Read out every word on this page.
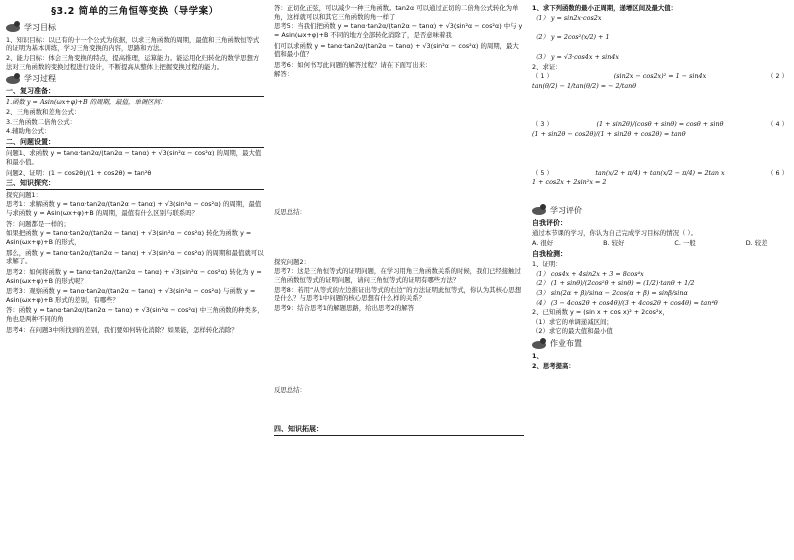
§3.2 简单的三角恒等变换（导学案）
学习目标

1、知识目标：以已有的十一个公式为依据，以求三角函数的周期，最值和三角函数恒等式的证明为基本训练，学习三角变换的内容，思路和方法。

2、能力目标：体会三角变换的特点，提高推理，运算能力。能运用化归转化的数学思想方法对三角函数的变换过程进行设计，不断提高从整体上把握变换过程的能力。

学习过程
一、复习准备：

1.函数 y = Asin(ωx+φ)+B 的周期，最值，单调区间：

2、三角函数和差角公式：

3.三角函数二倍角公式：

4.辅助角公式：

二、问题设置：

问题1、求函数 y = tanα·tan2α/(tan2α − tanα) + √3(sin²α − cos²α) 的周期，最大值和最小值。

问题2、证明：(1 − cos2θ)/(1 + cos2θ) = tan²θ

三、知识探究：

探究问题1：

思考1：求解函数 y = tanα·tan2α/(tan2α − tanα) + √3(sin²α − cos²α) 的周期，最值与求函数 y = Asin(ωx+φ)+B 的周期，最值有什么区别与联系吗？

答：问题都是一样的；

如果把函数 y = tanα·tan2α/(tan2α − tanα) + √3(sin²α − cos²α) 转化为函数 y = Asin(ωx+φ)+B 的形式，

那么，函数 y = tanα·tan2α/(tan2α − tanα) + √3(sin²α − cos²α) 的周期和最值就可以求解了。

思考2：如何将函数 y = tanα·tan2α/(tan2α − tanα) + √3(sin²α − cos²α) 转化为 y = Asin(ωx+φ)+B 的形式呢？

思考3：观察函数 y = tanα·tan2α/(tan2α − tanα) + √3(sin²α − cos²α) 与函数 y = Asin(ωx+φ)+B 形式的差别，有哪些？

答：函数 y = tanα·tan2α/(tan2α − tanα) + √3(sin²α − cos²α) 中三角函数的种类多，角也是两种不同的角

思考4：在问题3中所找到的差别，我们要如何转化消除？如果能，怎样转化消除？

答：正切化正弦，可以减少一种三角函数。tan2α 可以通过正切的二倍角公式转化为单角，这样就可以和其它三角函数的角一样了

思考5：当我们把函数 y = tanα·tan2α/(tan2α − tanα) + √3(sin²α − cos²α) 中与 y = Asin(ωx+φ)+B 不同的地方全部转化消除了，是否意味着我

们可以求函数 y = tanα·tan2α/(tan2α − tanα) + √3(sin²α − cos²α) 的周期，最大值和最小值？

思考6：如何书写此问题的解答过程？请在下面写出来：

解答：

反思总结：

探究问题2：

思考7：这是三角恒等式的证明问题，在学习用角三角函数关系的时候，我们已经接触过三角函数恒等式的证明问题，请问三角恒等式的证明有哪些方法？

思考8：若用“从等式的左边推证出等式的右边”的方法证明此恒等式，你认为其核心思想是什么？与思考1中问题的核心思想有什么样的关系？

思考9：结合思考1的解题思路，给出思考2的解答

反思总结：

四、知识拓展：

1、求下列函数的最小正周期，递增区间及最大值：

（1） y = sin2x·cos2x

（2） y = 2cos²(x/2) + 1

（3） y = √3·cos4x + sin4x

2、求证：

（ 1 ）	(sin2x − cos2x)² = 1 − sin4x	（ 2 ）

tan(θ/2) − 1/tan(θ/2) = − 2/tanθ

（ 3 ）	(1 + sin2θ)/(cosθ + sinθ) = cosθ + sinθ	（ 4 ）

(1 + sin2θ − cos2θ)/(1 + sin2θ + cos2θ) = tanθ

（ 5 ）	tan(x/2 + π/4) + tan(x/2 − π/4) = 2tan x	（ 6 ）

1 + cos2x + 2sin²x = 2

学习评价
自我评价：

通过本节课的学习，你认为自己完成学习目标的情况（ ）。

A. 很好	B. 较好	C. 一般	D. 较差
自我检测：

1、证明：

（1） cos4x + 4sin2x + 3 = 8cos⁴x

（2） (1 + sinθ)/(2cos²θ + sinθ) = (1/2)·tanθ + 1/2

（3） sin(2α + β)/sinα − 2cos(α + β) = sinβ/sinα

（4） (3 − 4cos2θ + cos4θ)/(3 + 4cos2θ + cos4θ) = tan⁴θ

2、已知函数 y = (sin x + cos x)² + 2cos²x，

（1）求它的单调递减区间；

（2）求它的最大值和最小值

作业布置

1、

2、思考提高：
